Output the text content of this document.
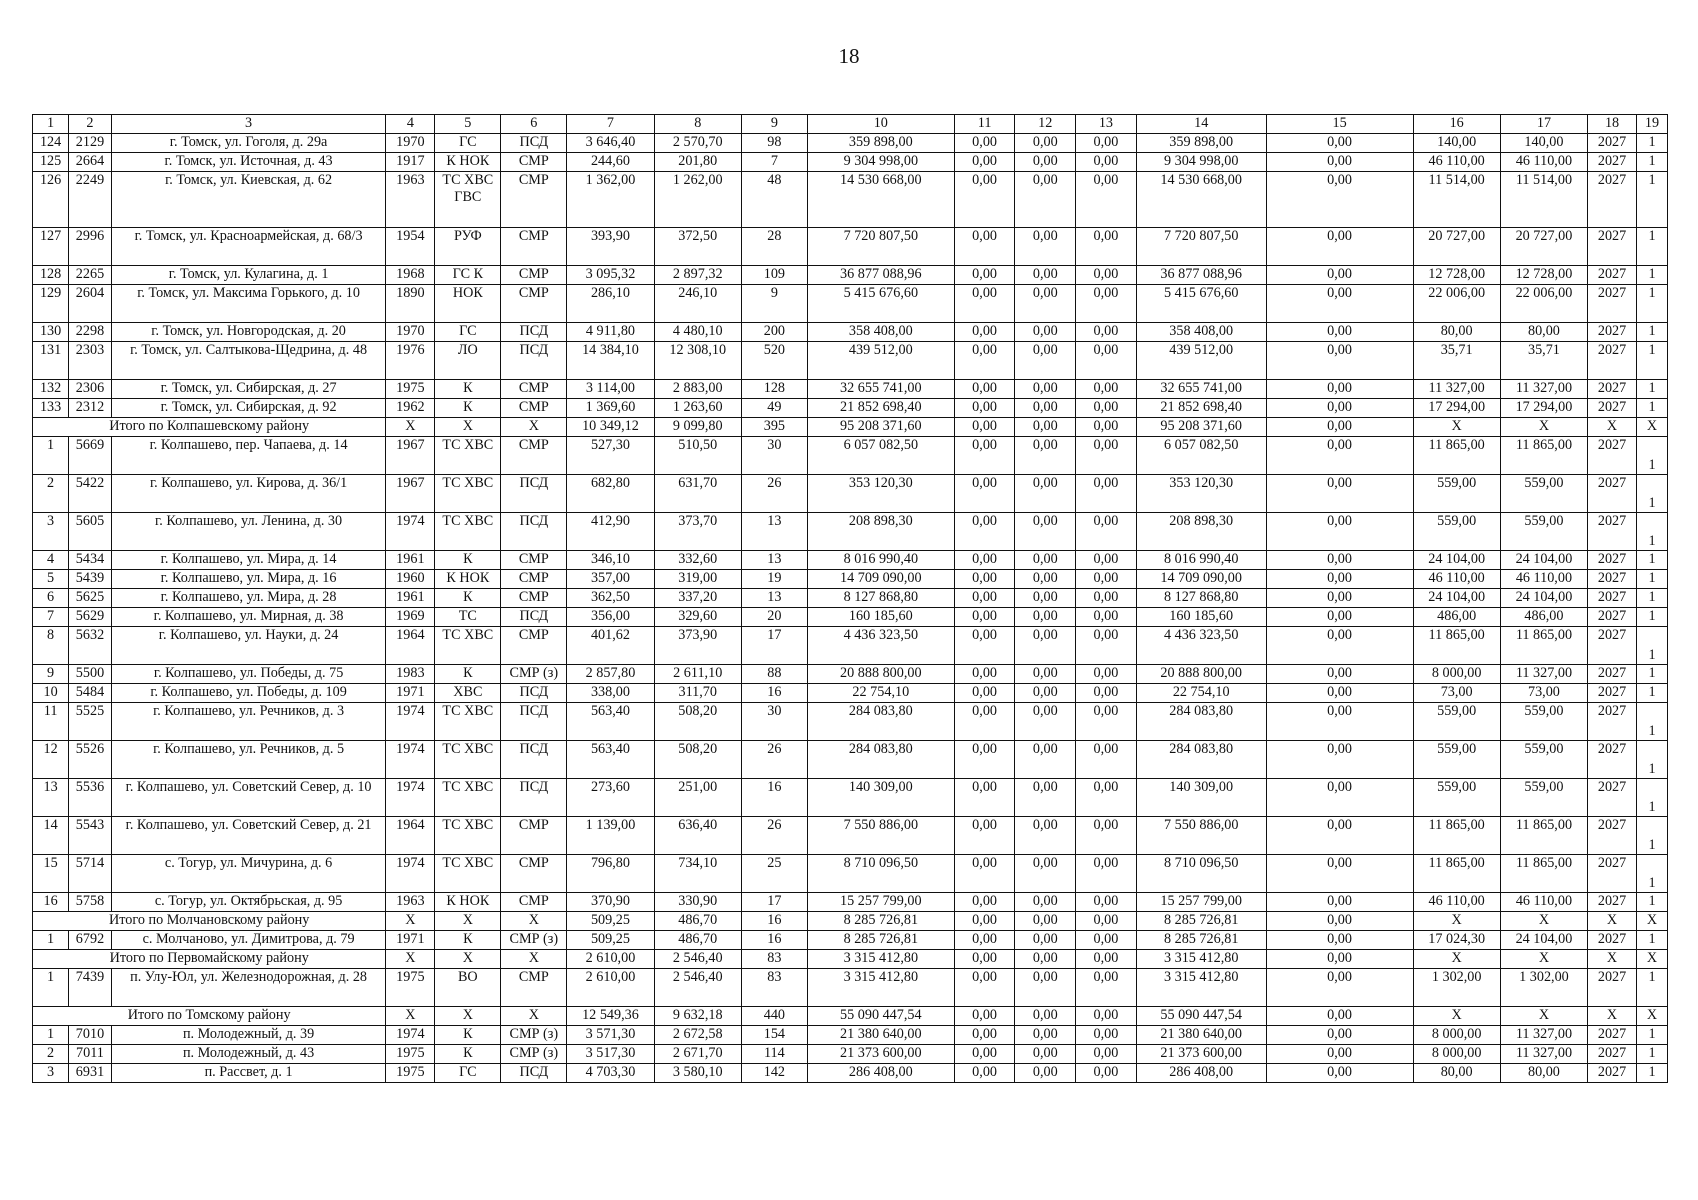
18
1	2	3	4	5	6	7	8	9	10	11	12	13	14	15	16	17	18	19
124	2129	г. Томск, ул. Гоголя, д. 29а	1970	ГС	ПСД	3 646,40	2 570,70	98	359 898,00	0,00	0,00	0,00	359 898,00	0,00	140,00	140,00	2027	1
125	2664	г. Томск, ул. Источная, д. 43	1917	К НОК	СМР	244,60	201,80	7	9 304 998,00	0,00	0,00	0,00	9 304 998,00	0,00	46 110,00	46 110,00	2027	1
126	2249	г. Томск, ул. Киевская, д. 62	1963	ТС ХВС ГВС	СМР	1 362,00	1 262,00	48	14 530 668,00	0,00	0,00	0,00	14 530 668,00	0,00	11 514,00	11 514,00	2027	1
127	2996	г. Томск, ул. Красноармейская, д. 68/3	1954	РУФ	СМР	393,90	372,50	28	7 720 807,50	0,00	0,00	0,00	7 720 807,50	0,00	20 727,00	20 727,00	2027	1
128	2265	г. Томск, ул. Кулагина, д. 1	1968	ГС К	СМР	3 095,32	2 897,32	109	36 877 088,96	0,00	0,00	0,00	36 877 088,96	0,00	12 728,00	12 728,00	2027	1
129	2604	г. Томск, ул. Максима Горького, д. 10	1890	НОК	СМР	286,10	246,10	9	5 415 676,60	0,00	0,00	0,00	5 415 676,60	0,00	22 006,00	22 006,00	2027	1
130	2298	г. Томск, ул. Новгородская, д. 20	1970	ГС	ПСД	4 911,80	4 480,10	200	358 408,00	0,00	0,00	0,00	358 408,00	0,00	80,00	80,00	2027	1
131	2303	г. Томск, ул. Салтыкова-Щедрина, д. 48	1976	ЛО	ПСД	14 384,10	12 308,10	520	439 512,00	0,00	0,00	0,00	439 512,00	0,00	35,71	35,71	2027	1
132	2306	г. Томск, ул. Сибирская, д. 27	1975	К	СМР	3 114,00	2 883,00	128	32 655 741,00	0,00	0,00	0,00	32 655 741,00	0,00	11 327,00	11 327,00	2027	1
133	2312	г. Томск, ул. Сибирская, д. 92	1962	К	СМР	1 369,60	1 263,60	49	21 852 698,40	0,00	0,00	0,00	21 852 698,40	0,00	17 294,00	17 294,00	2027	1
Итого по Колпашевскому району			Х	Х	Х	10 349,12	9 099,80	395	95 208 371,60	0,00	0,00	0,00	95 208 371,60	0,00	Х	Х	Х	Х
1	5669	г. Колпашево, пер. Чапаева, д. 14	1967	ТС ХВС	СМР	527,30	510,50	30	6 057 082,50	0,00	0,00	0,00	6 057 082,50	0,00	11 865,00	11 865,00	2027	1
2	5422	г. Колпашево, ул. Кирова, д. 36/1	1967	ТС ХВС	ПСД	682,80	631,70	26	353 120,30	0,00	0,00	0,00	353 120,30	0,00	559,00	559,00	2027	1
3	5605	г. Колпашево, ул. Ленина, д. 30	1974	ТС ХВС	ПСД	412,90	373,70	13	208 898,30	0,00	0,00	0,00	208 898,30	0,00	559,00	559,00	2027	1
4	5434	г. Колпашево, ул. Мира, д. 14	1961	К	СМР	346,10	332,60	13	8 016 990,40	0,00	0,00	0,00	8 016 990,40	0,00	24 104,00	24 104,00	2027	1
5	5439	г. Колпашево, ул. Мира, д. 16	1960	К НОК	СМР	357,00	319,00	19	14 709 090,00	0,00	0,00	0,00	14 709 090,00	0,00	46 110,00	46 110,00	2027	1
6	5625	г. Колпашево, ул. Мира, д. 28	1961	К	СМР	362,50	337,20	13	8 127 868,80	0,00	0,00	0,00	8 127 868,80	0,00	24 104,00	24 104,00	2027	1
7	5629	г. Колпашево, ул. Мирная, д. 38	1969	ТС	ПСД	356,00	329,60	20	160 185,60	0,00	0,00	0,00	160 185,60	0,00	486,00	486,00	2027	1
8	5632	г. Колпашево, ул. Науки, д. 24	1964	ТС ХВС	СМР	401,62	373,90	17	4 436 323,50	0,00	0,00	0,00	4 436 323,50	0,00	11 865,00	11 865,00	2027	1
9	5500	г. Колпашево, ул. Победы, д. 75	1983	К	СМР (з)	2 857,80	2 611,10	88	20 888 800,00	0,00	0,00	0,00	20 888 800,00	0,00	8 000,00	11 327,00	2027	1
10	5484	г. Колпашево, ул. Победы, д. 109	1971	ХВС	ПСД	338,00	311,70	16	22 754,10	0,00	0,00	0,00	22 754,10	0,00	73,00	73,00	2027	1
11	5525	г. Колпашево, ул. Речников, д. 3	1974	ТС ХВС	ПСД	563,40	508,20	30	284 083,80	0,00	0,00	0,00	284 083,80	0,00	559,00	559,00	2027	1
12	5526	г. Колпашево, ул. Речников, д. 5	1974	ТС ХВС	ПСД	563,40	508,20	26	284 083,80	0,00	0,00	0,00	284 083,80	0,00	559,00	559,00	2027	1
13	5536	г. Колпашево, ул. Советский Север, д. 10	1974	ТС ХВС	ПСД	273,60	251,00	16	140 309,00	0,00	0,00	0,00	140 309,00	0,00	559,00	559,00	2027	1
14	5543	г. Колпашево, ул. Советский Север, д. 21	1964	ТС ХВС	СМР	1 139,00	636,40	26	7 550 886,00	0,00	0,00	0,00	7 550 886,00	0,00	11 865,00	11 865,00	2027	1
15	5714	с. Тогур, ул. Мичурина, д. 6	1974	ТС ХВС	СМР	796,80	734,10	25	8 710 096,50	0,00	0,00	0,00	8 710 096,50	0,00	11 865,00	11 865,00	2027	1
16	5758	с. Тогур, ул. Октябрьская, д. 95	1963	К НОК	СМР	370,90	330,90	17	15 257 799,00	0,00	0,00	0,00	15 257 799,00	0,00	46 110,00	46 110,00	2027	1
Итого по Молчановскому району			Х	Х	Х	509,25	486,70	16	8 285 726,81	0,00	0,00	0,00	8 285 726,81	0,00	Х	Х	Х	Х
1	6792	с. Молчаново, ул. Димитрова, д. 79	1971	К	СМР (з)	509,25	486,70	16	8 285 726,81	0,00	0,00	0,00	8 285 726,81	0,00	17 024,30	24 104,00	2027	1
Итого по Первомайскому району			Х	Х	Х	2 610,00	2 546,40	83	3 315 412,80	0,00	0,00	0,00	3 315 412,80	0,00	Х	Х	Х	Х
1	7439	п. Улу-Юл, ул. Железнодорожная, д. 28	1975	ВО	СМР	2 610,00	2 546,40	83	3 315 412,80	0,00	0,00	0,00	3 315 412,80	0,00	1 302,00	1 302,00	2027	1
Итого по Томскому району			Х	Х	Х	12 549,36	9 632,18	440	55 090 447,54	0,00	0,00	0,00	55 090 447,54	0,00	Х	Х	Х	Х
1	7010	п. Молодежный, д. 39	1974	К	СМР (з)	3 571,30	2 672,58	154	21 380 640,00	0,00	0,00	0,00	21 380 640,00	0,00	8 000,00	11 327,00	2027	1
2	7011	п. Молодежный, д. 43	1975	К	СМР (з)	3 517,30	2 671,70	114	21 373 600,00	0,00	0,00	0,00	21 373 600,00	0,00	8 000,00	11 327,00	2027	1
3	6931	п. Рассвет, д. 1	1975	ГС	ПСД	4 703,30	3 580,10	142	286 408,00	0,00	0,00	0,00	286 408,00	0,00	80,00	80,00	2027	1
